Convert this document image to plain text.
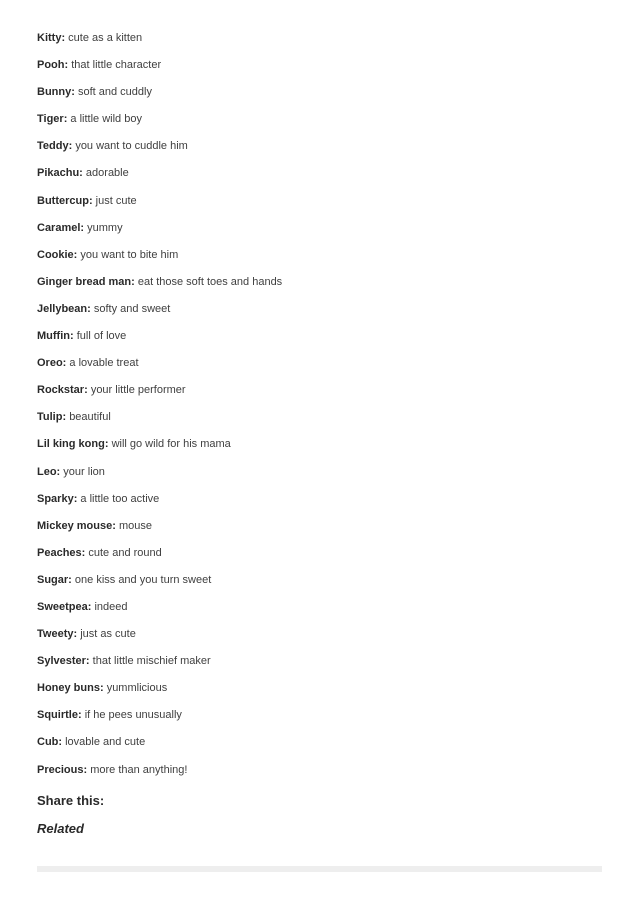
Kitty: cute as a kitten
Pooh: that little character
Bunny: soft and cuddly
Tiger: a little wild boy
Teddy: you want to cuddle him
Pikachu: adorable
Buttercup: just cute
Caramel: yummy
Cookie: you want to bite him
Ginger bread man: eat those soft toes and hands
Jellybean: softy and sweet
Muffin: full of love
Oreo: a lovable treat
Rockstar: your little performer
Tulip: beautiful
Lil king kong: will go wild for his mama
Leo: your lion
Sparky: a little too active
Mickey mouse: mouse
Peaches: cute and round
Sugar: one kiss and you turn sweet
Sweetpea: indeed
Tweety: just as cute
Sylvester: that little mischief maker
Honey buns: yummlicious
Squirtle: if he pees unusually
Cub: lovable and cute
Precious: more than anything!
Share this:
Related
